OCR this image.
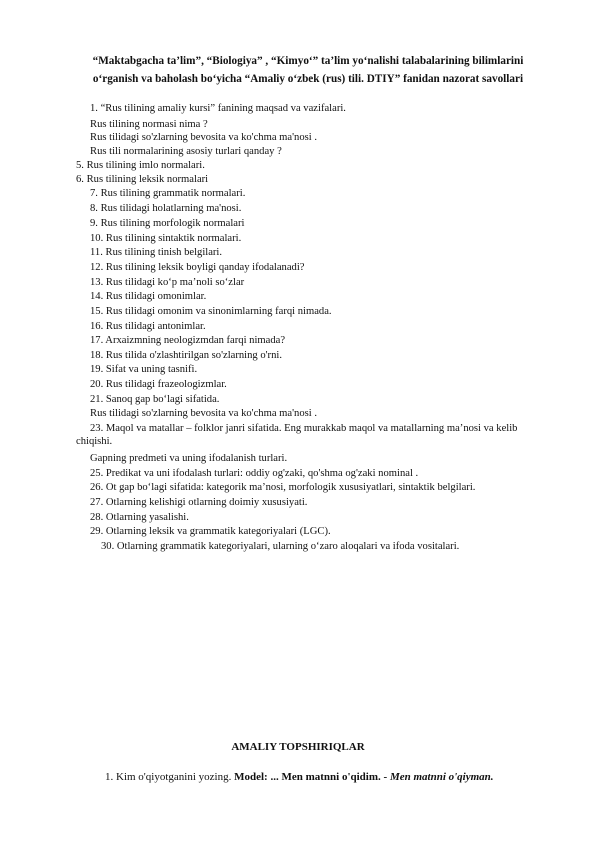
“Maktabgacha ta’lim”, “Biologiya” , “Kimyo‘” ta’lim yo‘nalishi talabalarining bilimlarini
o‘rganish va baholash bo‘yicha “Amaliy o‘zbek (rus) tili. DTIY” fanidan nazorat savollari
1. “Rus tilining amaliy kursi” fanining maqsad va vazifalari.
Rus tilining normasi nima ?
Rus tilidagi so'zlarning bevosita va ko'chma ma'nosi .
Rus tili normalarining asosiy turlari qanday ?
5. Rus tilining imlo normalari.
6. Rus tilining leksik normalari
7. Rus tilining grammatik normalari.
8. Rus tilidagi holatlarning ma'nosi.
9. Rus tilining morfologik normalari
10. Rus tilining sintaktik normalari.
11. Rus tilining tinish belgilari.
12. Rus tilining leksik boyligi qanday ifodalanadi?
13. Rus tilidagi ko‘p ma’noli so‘zlar
14. Rus tilidagi omonimlar.
15. Rus tilidagi omonim va sinonimlarning farqi nimada.
16. Rus tilidagi antonimlar.
17. Arxaizmning neologizmdan farqi nimada?
18. Rus tilida o'zlashtirilgan so'zlarning o'rni.
19. Sifat va uning tasnifi.
20. Rus tilidagi frazeologizmlar.
21. Sanoq gap bo‘lagi sifatida.
Rus tilidagi so'zlarning bevosita va ko'chma ma'nosi .
23. Maqol va matallar – folklor janri sifatida. Eng murakkab maqol va matallarning ma’nosi va kelib chiqishi.
Gapning predmeti va uning ifodalanish turlari.
25. Predikat va uni ifodalash turlari: oddiy og'zaki, qo'shma og'zaki nominal .
26. Ot gap bo‘lagi sifatida: kategorik ma’nosi, morfologik xususiyatlari, sintaktik belgilari.
27. Otlarning kelishigi otlarning doimiy xususiyati.
28. Otlarning yasalishi.
29. Otlarning leksik va grammatik kategoriyalari (LGC).
30. Otlarning grammatik kategoriyalari, ularning o‘zaro aloqalari va ifoda vositalari.
AMALIY TOPSHIRIQLAR
1. Kim o'qiyotganini yozing. Model: ... Men matnni o'qidim. - Men matnni o'qiyman.
